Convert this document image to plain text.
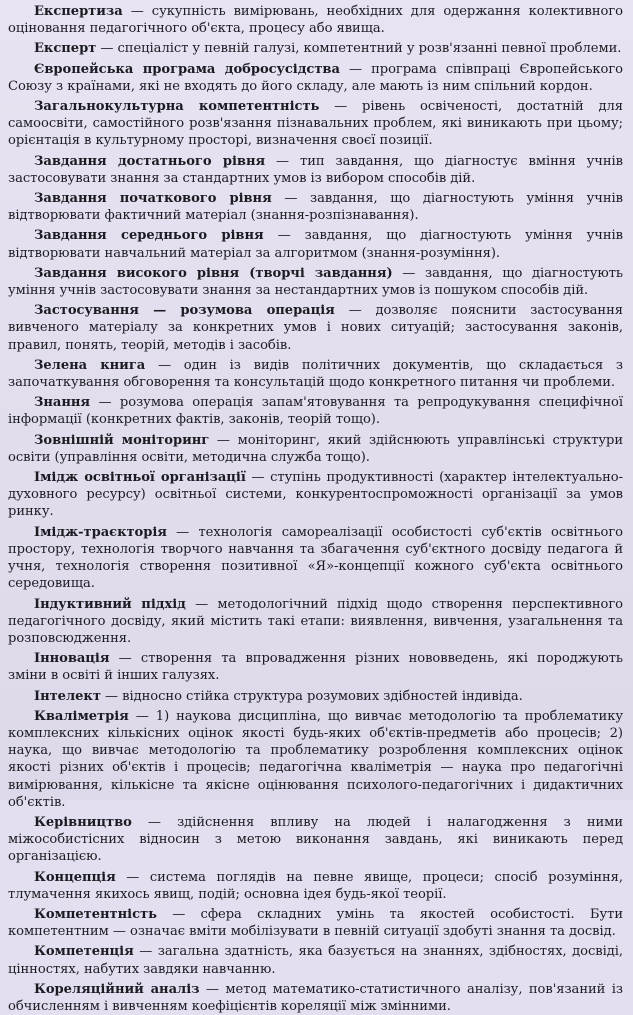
Експертиза — сукупність вимірювань, необхідних для одержання колективного оціновання педагогічного об'єкта, процесу або явища.

Експерт — спеціаліст у певній галузі, компетентний у розв'язанні певної проблеми.

Європейська програма добросусідства — програма співпраці Європейського Союзу з країнами, які не входять до його складу, але мають із ним спільний кордон.

Загальнокультурна компетентність — рівень освіченості, достатній для самоосвіти, самостійного розв'язання пізнавальних проблем, які виникають при цьому; орієнтація в культурному просторі, визначення своєї позиції.

Завдання достатнього рівня — тип завдання, що діагностує вміння учнів застосовувати знання за стандартних умов із вибором способів дій.

Завдання початкового рівня — завдання, що діагностують уміння учнів відтворювати фактичний матеріал (знання-розпізнавання).

Завдання середнього рівня — завдання, що діагностують уміння учнів відтворювати навчальний матеріал за алгоритмом (знання-розуміння).

Завдання високого рівня (творчі завдання) — завдання, що діагностують уміння учнів застосовувати знання за нестандартних умов із пошуком способів дій.

Застосування — розумова операція — дозволяє пояснити застосування вивченого матеріалу за конкретних умов і нових ситуацій; застосування законів, правил, понять, теорій, методів і засобів.

Зелена книга — один із видів політичних документів, що складається з започаткування обговорення та консультацій щодо конкретного питання чи проблеми.

Знання — розумова операція запам'ятовування та репродукування специфічної інформації (конкретних фактів, законів, теорій тощо).

Зовнішній моніторинг — моніторинг, який здійснюють управлінські структури освіти (управління освіти, методична служба тощо).

Імідж освітньої організації — ступінь продуктивності (характер інтелектуально-духовного ресурсу) освітньої системи, конкурентоспроможності організації за умов ринку.

Імідж-траєкторія — технологія самореалізації особистості суб'єктів освітнього простору, технологія творчого навчання та збагачення суб'єктного досвіду педагога й учня, технологія створення позитивної «Я»-концепції кожного суб'єкта освітнього середовища.

Індуктивний підхід — методологічний підхід щодо створення перспективного педагогічного досвіду, який містить такі етапи: виявлення, вивчення, узагальнення та розповсюдження.

Інновація — створення та впровадження різних нововведень, які породжують зміни в освіті й інших галузях.

Інтелект — відносно стійка структура розумових здібностей індивіда.

Кваліметрія — 1) наукова дисципліна, що вивчає методологію та проблематику комплексних кількісних оцінок якості будь-яких об'єктів-предметів або процесів; 2) наука, що вивчає методологію та проблематику розроблення комплексних оцінок якості різних об'єктів і процесів; педагогічна кваліметрія — наука про педагогічні вимірювання, кількісне та якісне оцінювання психолого-педагогічних і дидактичних об'єктів.

Керівництво — здійснення впливу на людей і налагодження з ними міжособистісних відносин з метою виконання завдань, які виникають перед організацією.

Концепція — система поглядів на певне явище, процеси; спосіб розуміння, тлумачення якихось явищ, подій; основна ідея будь-якої теорії.

Компетентність — сфера складних умінь та якостей особистості. Бути компетентним — означає вміти мобілізувати в певній ситуації здобуті знання та досвід.

Компетенція — загальна здатність, яка базується на знаннях, здібностях, досвіді, цінностях, набутих завдяки навчанню.

Кореляційний аналіз — метод математико-статистичного аналізу, пов'язаний із обчисленням і вивченням коефіцієнтів кореляції між змінними.
